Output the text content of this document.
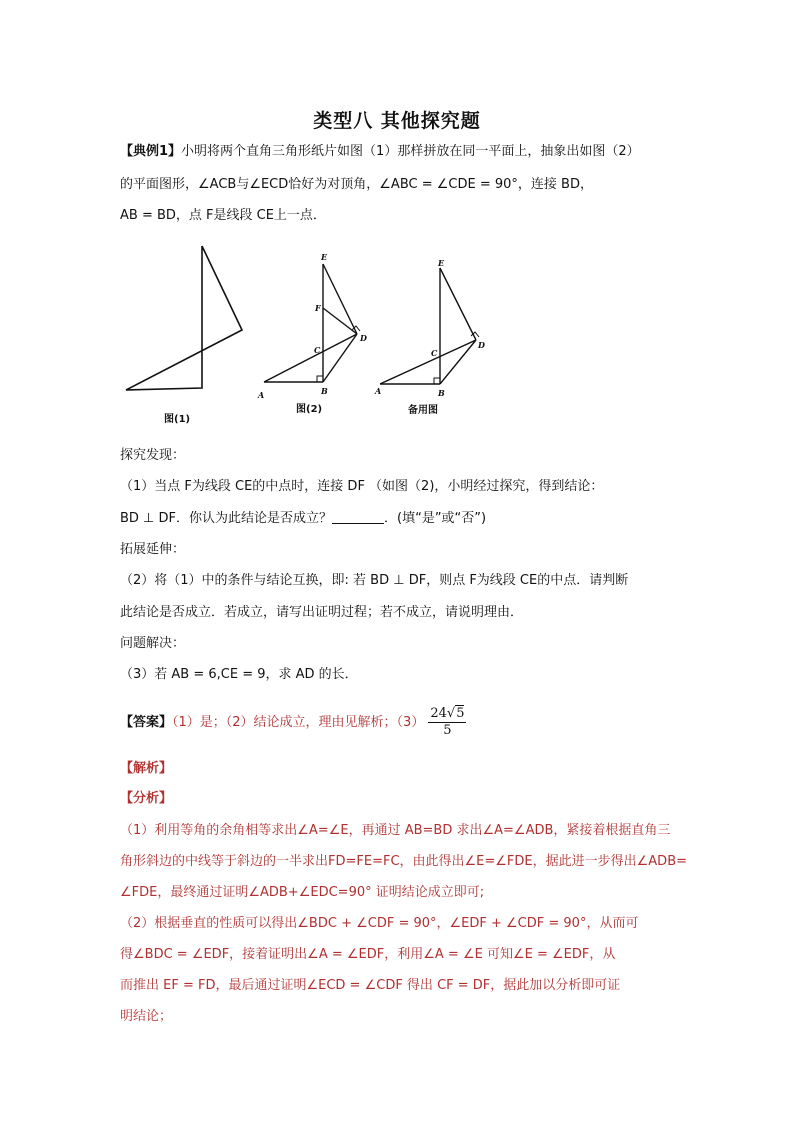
类型八 其他探究题
【典例1】小明将两个直角三角形纸片如图（1）那样拼放在同一平面上，抽象出如图（2）
的平面图形，∠ACB与∠ECD恰好为对顶角，∠ABC = ∠CDE = 90°，连接 BD，
AB = BD，点 F是线段 CE上一点．
图(1)
E
F
C
D
A	B
图(2)
E
C
D
A	B
备用图
探究发现：
（1）当点 F为线段 CE的中点时，连接 DF （如图（2)，小明经过探究，得到结论：
BD ⊥ DF．你认为此结论是否成立？	．(填“是”或“否”)
拓展延伸：
（2）将（1）中的条件与结论互换，即: 若 BD ⊥ DF，则点 F为线段 CE的中点．请判断
此结论是否成立．若成立，请写出证明过程；若不成立，请说明理由．
问题解决：
（3）若 AB = 6,CE = 9，求 AD 的长．
【答案】（1）是；（2）结论成立，理由见解析；$(3) \frac{24√5}{5}$
【解析】
【分析】
（1）利用等角的余角相等求出∠A=∠E，再通过 AB=BD 求出∠A=∠ADB，紧接着根据直角三
角形斜边的中线等于斜边的一半求出FD=FE=FC，由此得出∠E=∠FDE，据此进一步得出∠ADB=
∠FDE，最终通过证明∠ADB+∠EDC=90° 证明结论成立即可;
（2）根据垂直的性质可以得出∠BDC + ∠CDF = 90°，∠EDF + ∠CDF = 90°，从而可
得∠BDC = ∠EDF，接着证明出∠A = ∠EDF，利用∠A = ∠E 可知∠E = ∠EDF，从
而推出 EF = FD，最后通过证明∠ECD = ∠CDF 得出 CF = DF，据此加以分析即可证
明结论；
